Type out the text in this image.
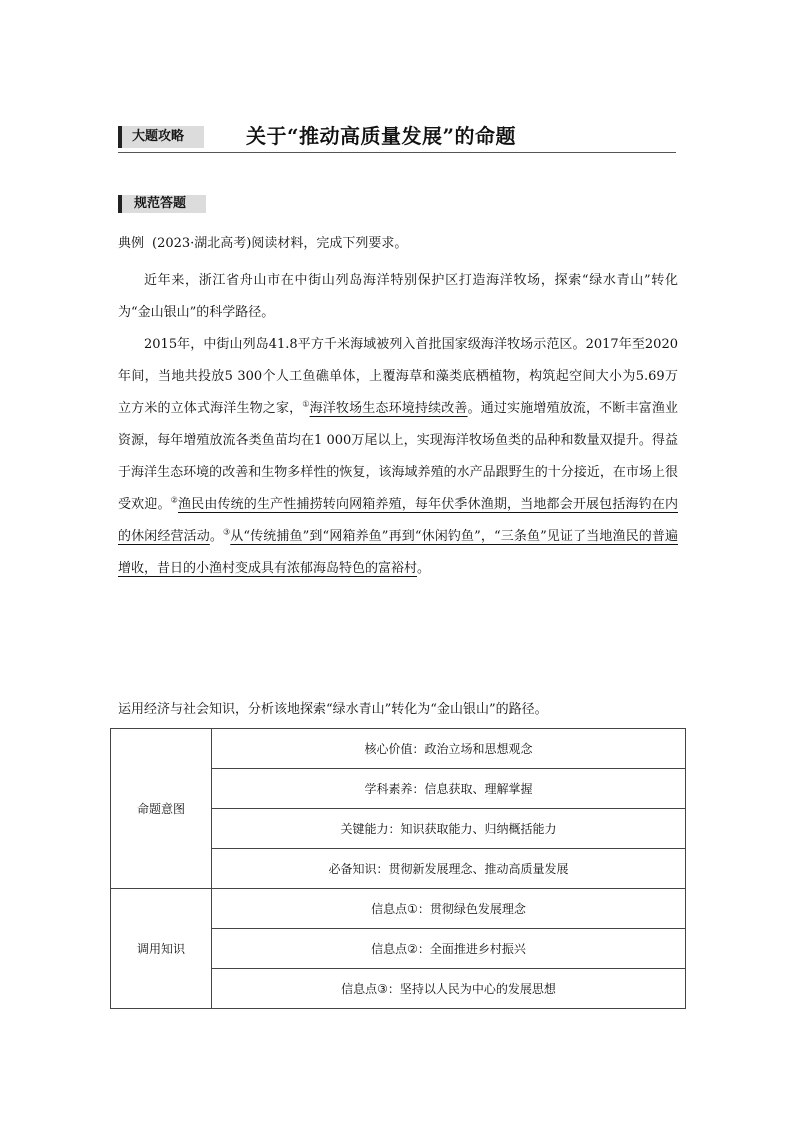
大题攻略	关于“推动高质量发展”的命题
规范答题
典例 (2023·湖北高考)阅读材料，完成下列要求。

近年来，浙江省舟山市在中街山列岛海洋特别保护区打造海洋牧场，探索“绿水青山”转化为“金山银山”的科学路径。

2015年，中街山列岛41.8平方千米海域被列入首批国家级海洋牧场示范区。2017年至2020年间，当地共投放5 300个人工鱼礁单体，上覆海草和藻类底栖植物，构筑起空间大小为5.69万立方米的立体式海洋生物之家，①海洋牧场生态环境持续改善。通过实施增殖放流，不断丰富渔业资源，每年增殖放流各类鱼苗均在1 000万尾以上，实现海洋牧场鱼类的品种和数量双提升。得益于海洋生态环境的改善和生物多样性的恢复，该海域养殖的水产品跟野生的十分接近，在市场上很受欢迎。②渔民由传统的生产性捕捞转向网箱养殖，每年伏季休渔期，当地都会开展包括海钓在内的休闲经营活动。③从“传统捕鱼”到“网箱养鱼”再到“休闲钓鱼”，“三条鱼”见证了当地渔民的普遍增收，昔日的小渔村变成具有浓郁海岛特色的富裕村。

运用经济与社会知识，分析该地探索“绿水青山”转化为“金山银山”的路径。
命题意图	核心价值：政治立场和思想观念
	学科素养：信息获取、理解掌握
	关键能力：知识获取能力、归纳概括能力
	必备知识：贯彻新发展理念、推动高质量发展
调用知识	信息点①：贯彻绿色发展理念
	信息点②：全面推进乡村振兴
	信息点③：坚持以人民为中心的发展思想
